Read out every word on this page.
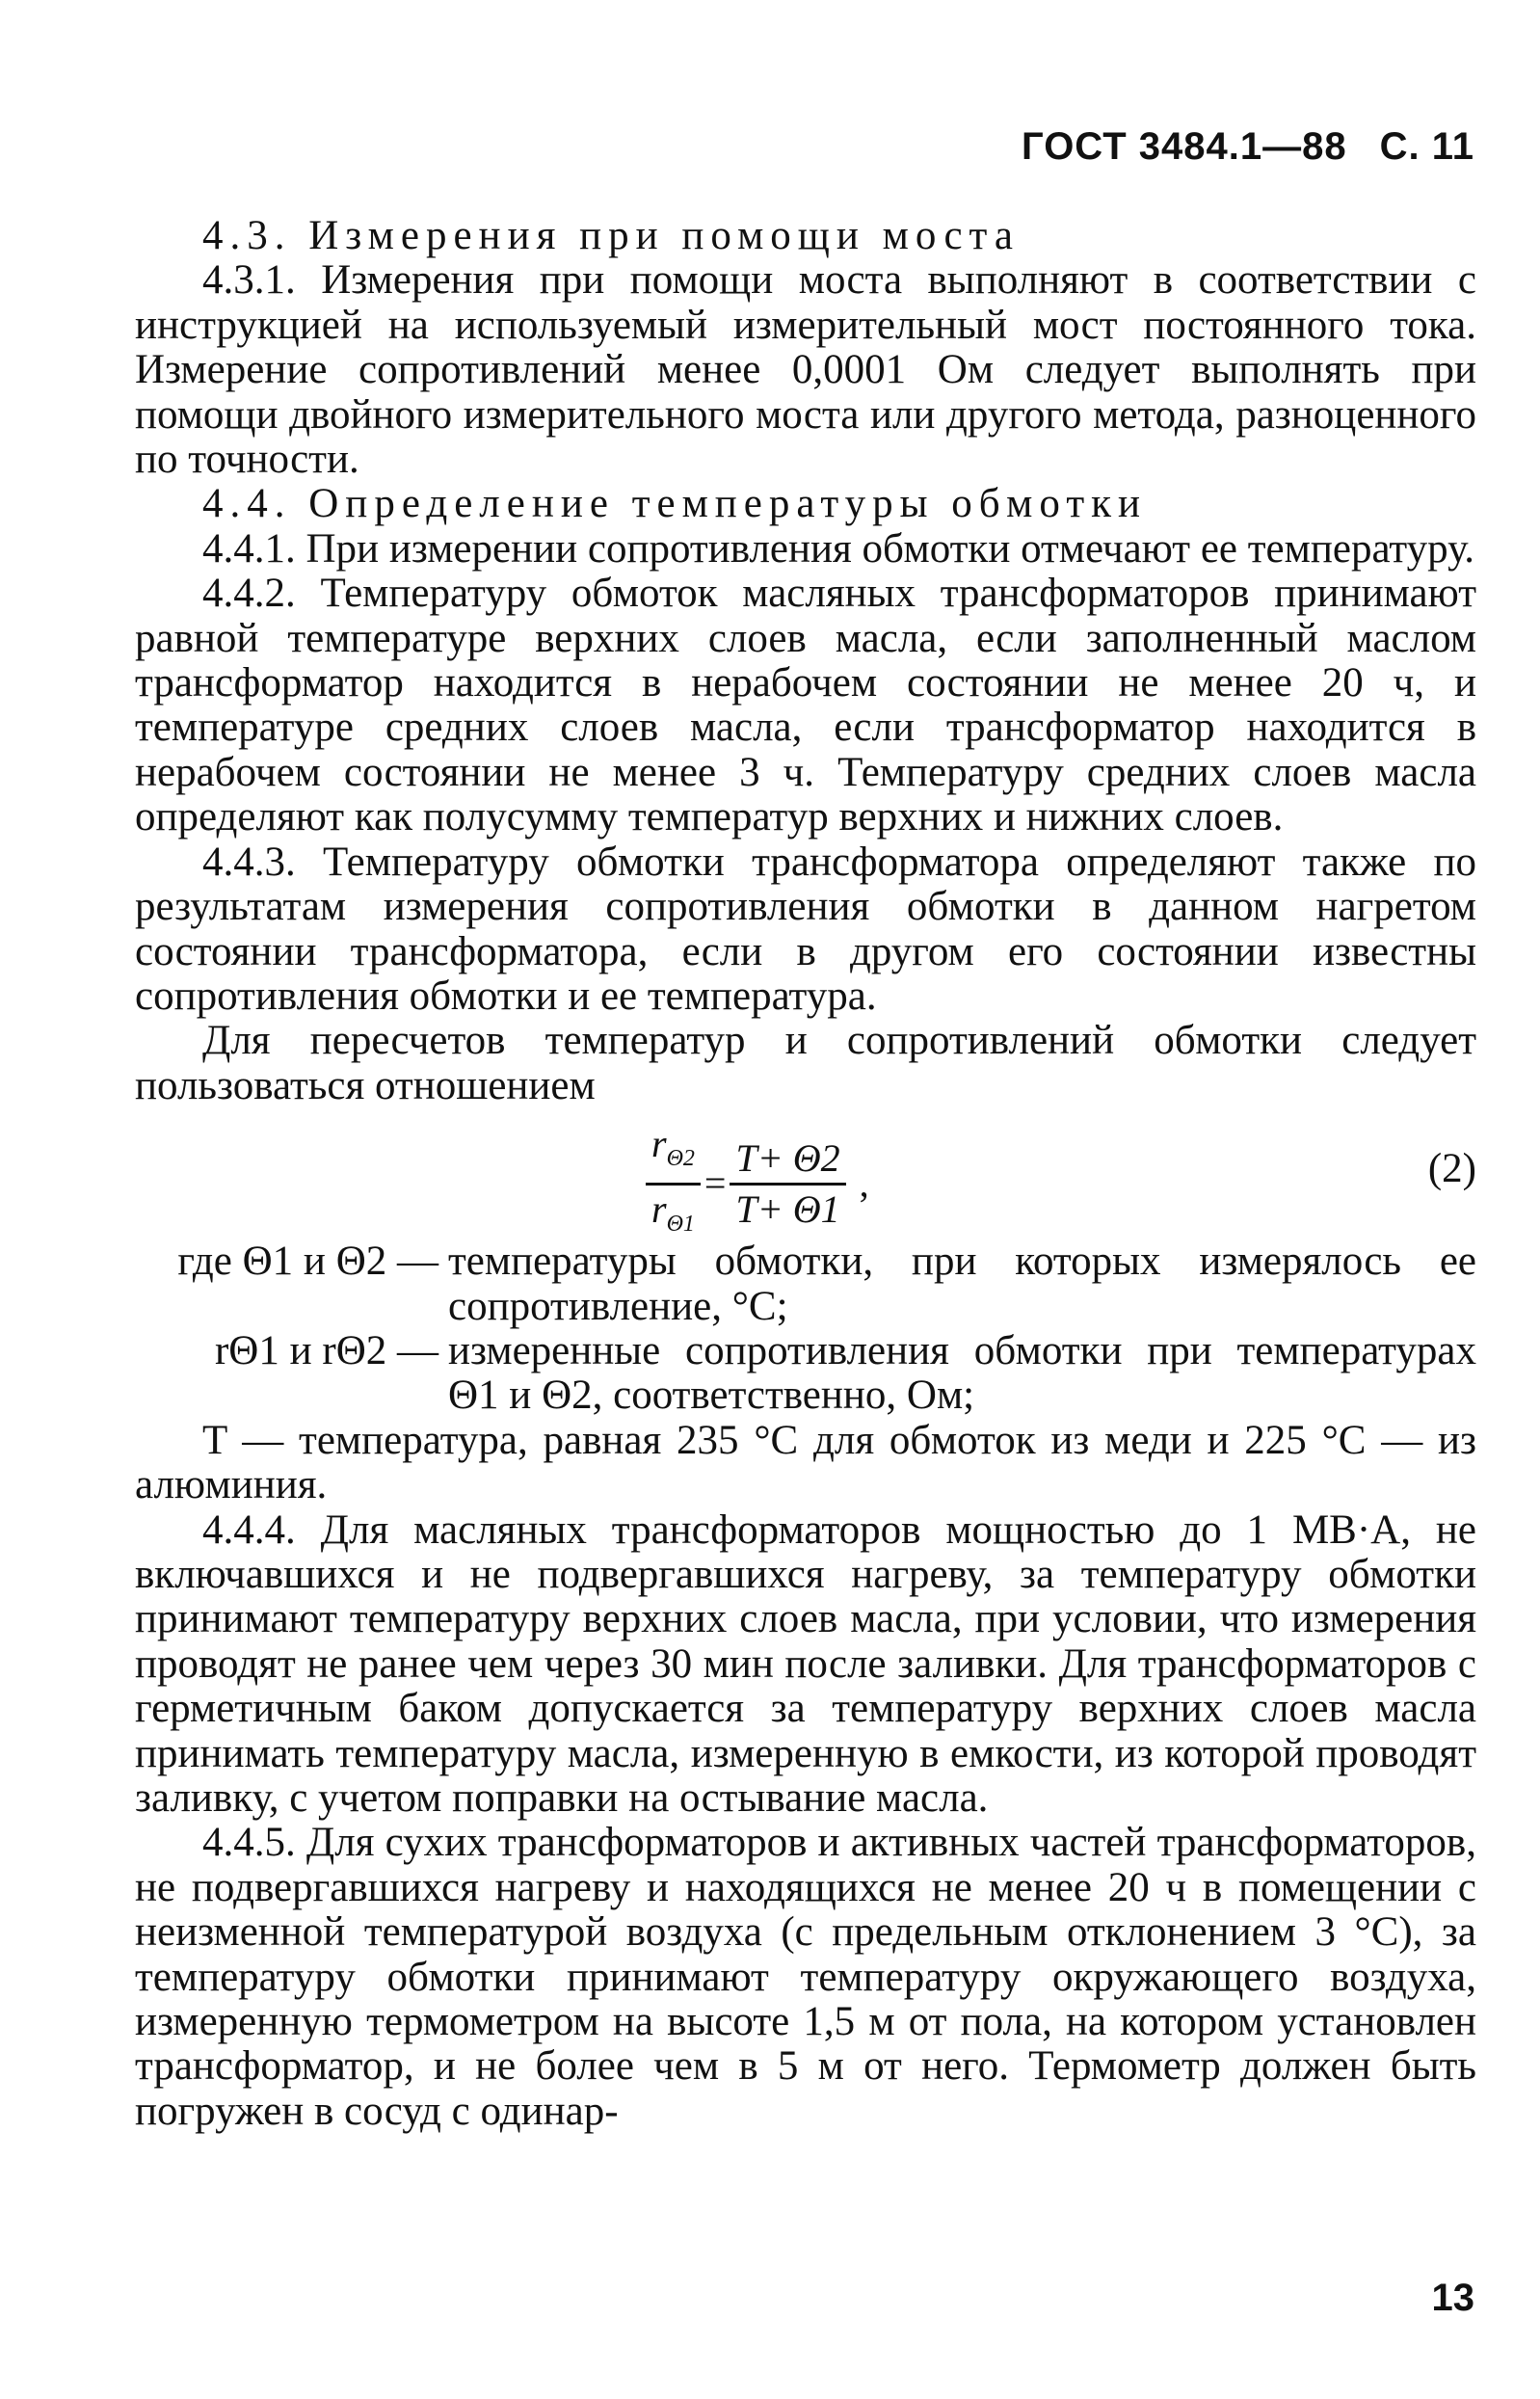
ГОСТ 3484.1—88 С. 11

4.3. Измерения при помощи моста

4.3.1. Измерения при помощи моста выполняют в соответствии с инструкцией на используемый измерительный мост постоянного тока. Измерение сопротивлений менее 0,0001 Ом следует выполнять при помощи двойного измерительного моста или другого метода, разноценного по точности.

4.4. Определение температуры обмотки

4.4.1. При измерении сопротивления обмотки отмечают ее температуру.

4.4.2. Температуру обмоток масляных трансформаторов принимают равной температуре верхних слоев масла, если заполненный маслом трансформатор находится в нерабочем состоянии не менее 20 ч, и температуре средних слоев масла, если трансформатор находится в нерабочем состоянии не менее 3 ч. Температуру средних слоев масла определяют как полусумму температур верхних и нижних слоев.

4.4.3. Температуру обмотки трансформатора определяют также по результатам измерения сопротивления обмотки в данном нагретом состоянии трансформатора, если в другом его состоянии известны сопротивления обмотки и ее температура.

Для пересчетов температур и сопротивлений обмотки следует пользоваться отношением

$\frac{r_{\Theta 2}}{r_{\Theta 1}} = \frac{T+ \Theta 2}{T+ \Theta 1}$ ,	(2)

где Θ1 и Θ2 — температуры обмотки, при которых измерялось ее сопротивление, °С;

rΘ1 и rΘ2 — измеренные сопротивления обмотки при температурах Θ1 и Θ2, соответственно, Ом;

T — температура, равная 235 °С для обмоток из меди и 225 °С — из алюминия.

4.4.4. Для масляных трансформаторов мощностью до 1 МВ·А, не включавшихся и не подвергавшихся нагреву, за температуру обмотки принимают температуру верхних слоев масла, при условии, что измерения проводят не ранее чем через 30 мин после заливки. Для трансформаторов с герметичным баком допускается за температуру верхних слоев масла принимать температуру масла, измеренную в емкости, из которой проводят заливку, с учетом поправки на остывание масла.

4.4.5. Для сухих трансформаторов и активных частей трансформаторов, не подвергавшихся нагреву и находящихся не менее 20 ч в помещении с неизменной температурой воздуха (с предельным отклонением 3 °С), за температуру обмотки принимают температуру окружающего воздуха, измеренную термометром на высоте 1,5 м от пола, на котором установлен трансформатор, и не более чем в 5 м от него. Термометр должен быть погружен в сосуд с одинар-

13
